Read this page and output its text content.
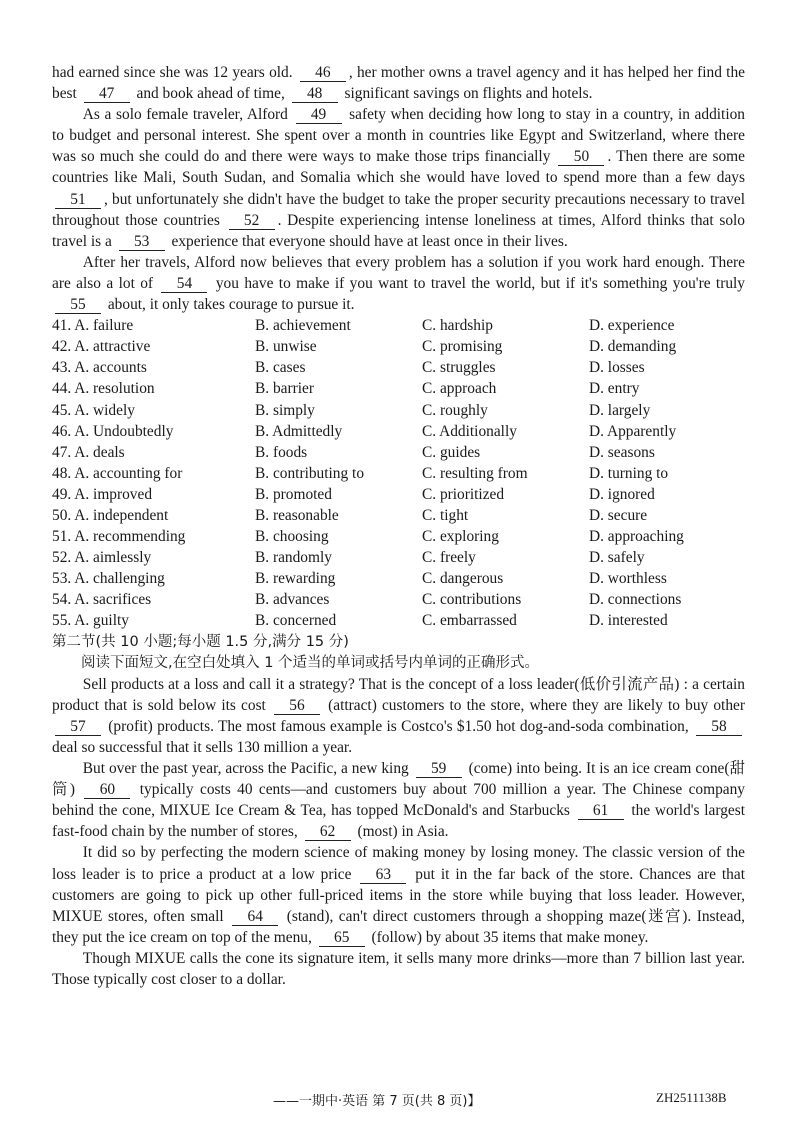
had earned since she was 12 years old. 46 , her mother owns a travel agency and it has helped her find the best 47 and book ahead of time, 48 significant savings on flights and hotels.

As a solo female traveler, Alford 49 safety when deciding how long to stay in a country, in addition to budget and personal interest. She spent over a month in countries like Egypt and Switzerland, where there was so much she could do and there were ways to make those trips financially 50 . Then there are some countries like Mali, South Sudan, and Somalia which she would have loved to spend more than a few days 51 , but unfortunately she didn't have the budget to take the proper security precautions necessary to travel throughout those countries 52 . Despite experiencing intense loneliness at times, Alford thinks that solo travel is a 53 experience that everyone should have at least once in their lives.

After her travels, Alford now believes that every problem has a solution if you work hard enough. There are also a lot of 54 you have to make if you want to travel the world, but if it's something you're truly 55 about, it only takes courage to pursue it.

41. A. failure	B. achievement	C. hardship	D. experience
42. A. attractive	B. unwise	C. promising	D. demanding
43. A. accounts	B. cases	C. struggles	D. losses
44. A. resolution	B. barrier	C. approach	D. entry
45. A. widely	B. simply	C. roughly	D. largely
46. A. Undoubtedly	B. Admittedly	C. Additionally	D. Apparently
47. A. deals	B. foods	C. guides	D. seasons
48. A. accounting for	B. contributing to	C. resulting from	D. turning to
49. A. improved	B. promoted	C. prioritized	D. ignored
50. A. independent	B. reasonable	C. tight	D. secure
51. A. recommending	B. choosing	C. exploring	D. approaching
52. A. aimlessly	B. randomly	C. freely	D. safely
53. A. challenging	B. rewarding	C. dangerous	D. worthless
54. A. sacrifices	B. advances	C. contributions	D. connections
55. A. guilty	B. concerned	C. embarrassed	D. interested

第二节(共 10 小题;每小题 1.5 分,满分 15 分)

阅读下面短文,在空白处填入 1 个适当的单词或括号内单词的正确形式。

Sell products at a loss and call it a strategy? That is the concept of a loss leader(低价引流产品) : a certain product that is sold below its cost 56 (attract) customers to the store, where they are likely to buy other 57 (profit) products. The most famous example is Costco's $1.50 hot dog-and-soda combination, 58 deal so successful that it sells 130 million a year.

But over the past year, across the Pacific, a new king 59 (come) into being. It is an ice cream cone(甜筒) 60 typically costs 40 cents—and customers buy about 700 million a year. The Chinese company behind the cone, MIXUE Ice Cream & Tea, has topped McDonald's and Starbucks 61 the world's largest fast-food chain by the number of stores, 62 (most) in Asia.

It did so by perfecting the modern science of making money by losing money. The classic version of the loss leader is to price a product at a low price 63 put it in the far back of the store. Chances are that customers are going to pick up other full-priced items in the store while buying that loss leader. However, MIXUE stores, often small 64 (stand), can't direct customers through a shopping maze(迷宫). Instead, they put the ice cream on top of the menu, 65 (follow) by about 35 items that make money.

Though MIXUE calls the cone its signature item, it sells many more drinks—more than 7 billion last year. Those typically cost closer to a dollar.

——一期中·英语 第 7 页(共 8 页)】	ZH2511138B
